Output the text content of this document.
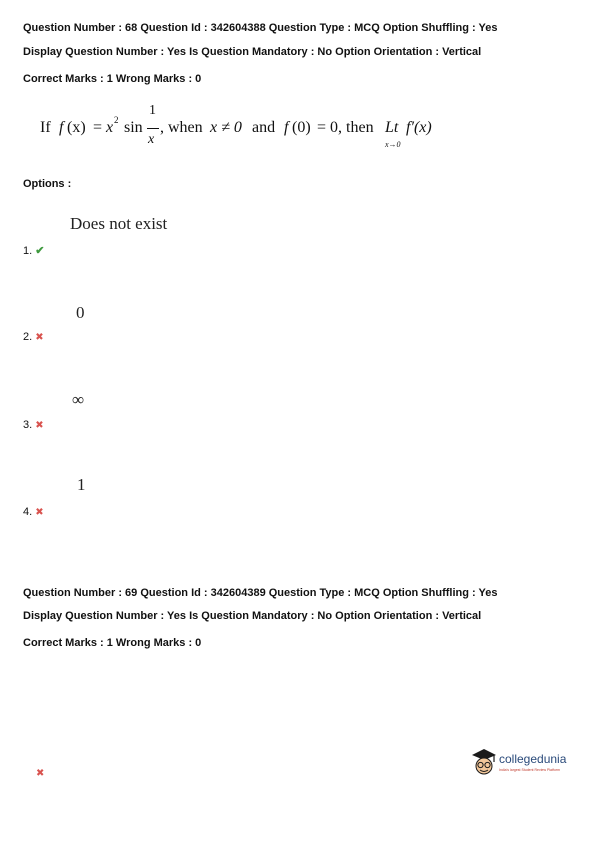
Question Number : 68 Question Id : 342604388 Question Type : MCQ Option Shuffling : Yes
Display Question Number : Yes Is Question Mandatory : No Option Orientation : Vertical
Correct Marks : 1 Wrong Marks : 0
If f (x) = x 2 sin
1
x
, when x ≠ 0 and f (0) = 0, then Lt
x→0
f′(x)
Options :
Does not exist
1. ✔
0
2. ✖
∞
3. ✖
1
4. ✖
Question Number : 69 Question Id : 342604389 Question Type : MCQ Option Shuffling : Yes
Display Question Number : Yes Is Question Mandatory : No Option Orientation : Vertical
Correct Marks : 1 Wrong Marks : 0
✖
collegedunia
India's largest Student Review Platform
